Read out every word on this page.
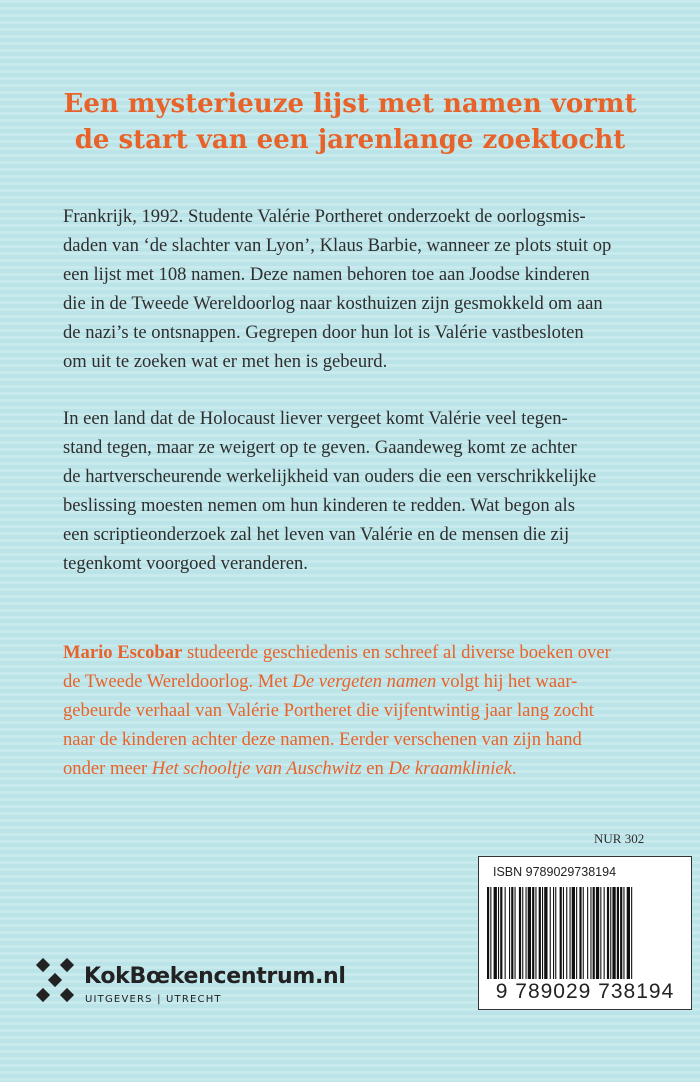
Een mysterieuze lijst met namen vormt
de start van een jarenlange zoektocht

Frankrijk, 1992. Studente Valérie Portheret onderzoekt de oorlogsmis-
daden van ‘de slachter van Lyon’, Klaus Barbie, wanneer ze plots stuit op
een lijst met 108 namen. Deze namen behoren toe aan Joodse kinderen
die in de Tweede Wereldoorlog naar kosthuizen zijn gesmokkeld om aan
de nazi’s te ontsnappen. Gegrepen door hun lot is Valérie vastbesloten
om uit te zoeken wat er met hen is gebeurd.

In een land dat de Holocaust liever vergeet komt Valérie veel tegen-
stand tegen, maar ze weigert op te geven. Gaandeweg komt ze achter
de hartverscheurende werkelijkheid van ouders die een verschrikkelijke
beslissing moesten nemen om hun kinderen te redden. Wat begon als
een scriptieonderzoek zal het leven van Valérie en de mensen die zij
tegenkomt voorgoed veranderen.

Mario Escobar studeerde geschiedenis en schreef al diverse boeken over
de Tweede Wereldoorlog. Met De vergeten namen volgt hij het waar-
gebeurde verhaal van Valérie Portheret die vijfentwintig jaar lang zocht
naar de kinderen achter deze namen. Eerder verschenen van zijn hand
onder meer Het schooltje van Auschwitz en De kraamkliniek.

NUR 302
ISBN 9789029738194
9 789029 738194
KokBœkencentrum.nl
UITGEVERS | UTRECHT
